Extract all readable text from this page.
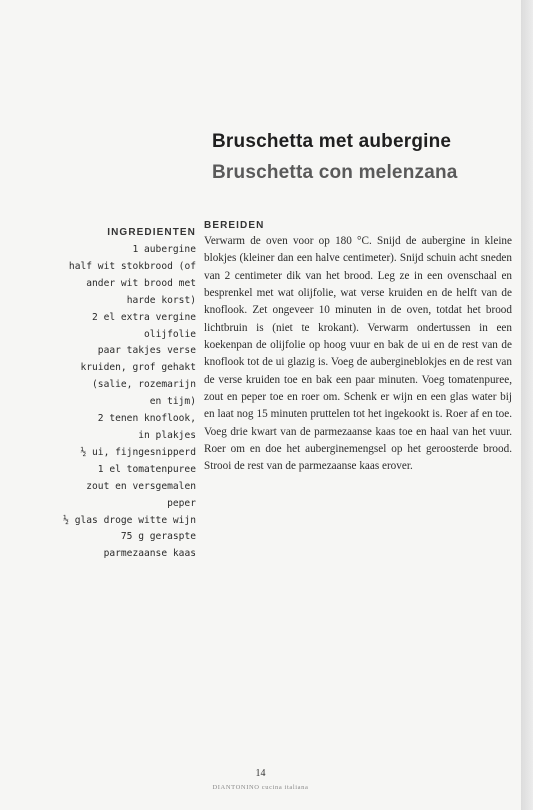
Bruschetta met aubergine
Bruschetta con melenzana
INGREDIENTEN
1 aubergine
half wit stokbrood (of
ander wit brood met
harde korst)
2 el extra vergine
olijfolie
paar takjes verse
kruiden, grof gehakt
(salie, rozemarijn
en tijm)
2 tenen knoflook,
in plakjes
½ ui, fijngesnipperd
1 el tomatenpuree
zout en versgemalen
peper
½ glas droge witte wijn
75 g geraspte
parmezaanse kaas
BEREIDEN

Verwarm de oven voor op 180 °C. Snijd de aubergine in kleine blokjes (kleiner dan een halve centimeter). Snijd schuin acht sneden van 2 centimeter dik van het brood. Leg ze in een ovenschaal en besprenkel met wat olijfolie, wat verse kruiden en de helft van de knoflook. Zet ongeveer 10 minuten in de oven, totdat het brood lichtbruin is (niet te krokant). Verwarm ondertussen in een koekenpan de olijfolie op hoog vuur en bak de ui en de rest van de knoflook tot de ui glazig is. Voeg de auberginеblokjes en de rest van de verse kruiden toe en bak een paar minuten. Voeg tomatenpuree, zout en peper toe en roer om. Schenk er wijn en een glas water bij en laat nog 15 minuten pruttelen tot het ingekookt is. Roer af en toe. Voeg drie kwart van de parmezaanse kaas toe en haal van het vuur. Roer om en doe het auberginemengsel op het geroosterde brood. Strooi de rest van de parmezaanse kaas erover.

14
DIANTONINO cucina italiana
